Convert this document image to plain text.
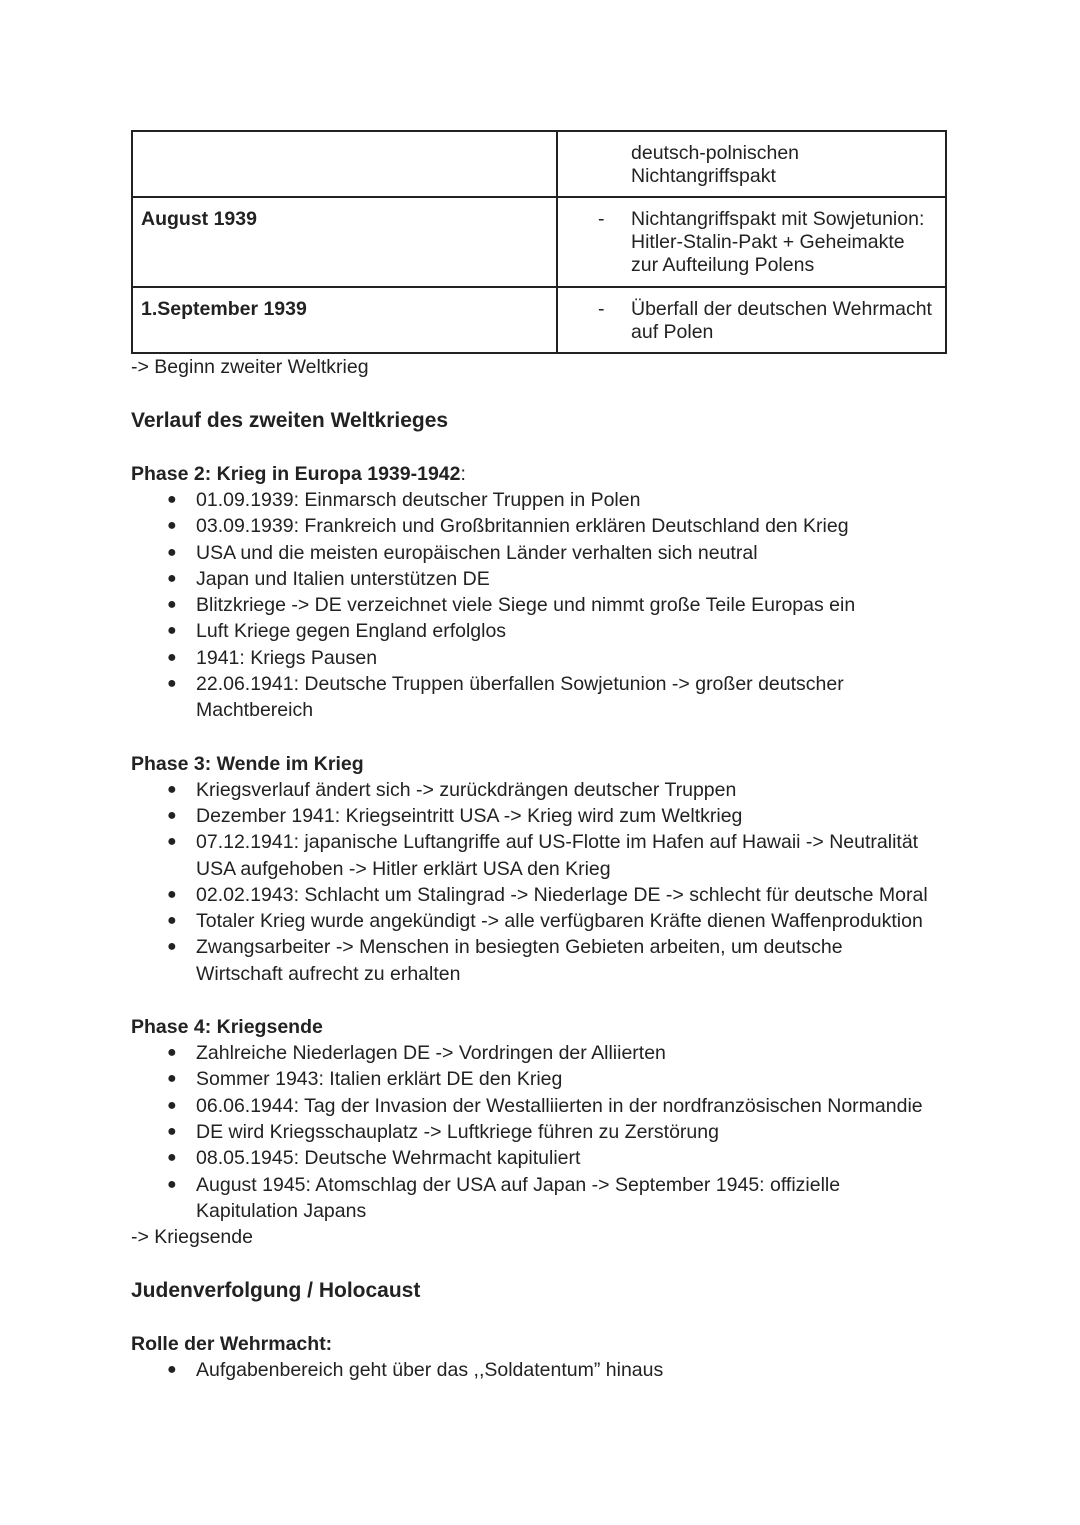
	deutsch-polnischen Nichtangriffspakt

August 1939	- Nichtangriffspakt mit Sowjetunion: Hitler-Stalin-Pakt + Geheimakte zur Aufteilung Polens

1.September 1939	- Überfall der deutschen Wehrmacht auf Polen
-> Beginn zweiter Weltkrieg
Verlauf des zweiten Weltkrieges
Phase 2: Krieg in Europa 1939-1942:
● 01.09.1939: Einmarsch deutscher Truppen in Polen
● 03.09.1939: Frankreich und Großbritannien erklären Deutschland den Krieg
● USA und die meisten europäischen Länder verhalten sich neutral
● Japan und Italien unterstützen DE
● Blitzkriege -> DE verzeichnet viele Siege und nimmt große Teile Europas ein
● Luft Kriege gegen England erfolglos
● 1941: Kriegs Pausen
● 22.06.1941: Deutsche Truppen überfallen Sowjetunion -> großer deutscher Machtbereich
Phase 3: Wende im Krieg
● Kriegsverlauf ändert sich -> zurückdrängen deutscher Truppen
● Dezember 1941: Kriegseintritt USA -> Krieg wird zum Weltkrieg
● 07.12.1941: japanische Luftangriffe auf US-Flotte im Hafen auf Hawaii -> Neutralität USA aufgehoben -> Hitler erklärt USA den Krieg
● 02.02.1943: Schlacht um Stalingrad -> Niederlage DE -> schlecht für deutsche Moral
● Totaler Krieg wurde angekündigt -> alle verfügbaren Kräfte dienen Waffenproduktion
● Zwangsarbeiter -> Menschen in besiegten Gebieten arbeiten, um deutsche Wirtschaft aufrecht zu erhalten
Phase 4: Kriegsende
● Zahlreiche Niederlagen DE -> Vordringen der Alliierten
● Sommer 1943: Italien erklärt DE den Krieg
● 06.06.1944: Tag der Invasion der Westalliierten in der nordfranzösischen Normandie
● DE wird Kriegsschauplatz -> Luftkriege führen zu Zerstörung
● 08.05.1945: Deutsche Wehrmacht kapituliert
● August 1945: Atomschlag der USA auf Japan -> September 1945: offizielle Kapitulation Japans
-> Kriegsende
Judenverfolgung / Holocaust
Rolle der Wehrmacht:
● Aufgabenbereich geht über das ,,Soldatentum” hinaus
